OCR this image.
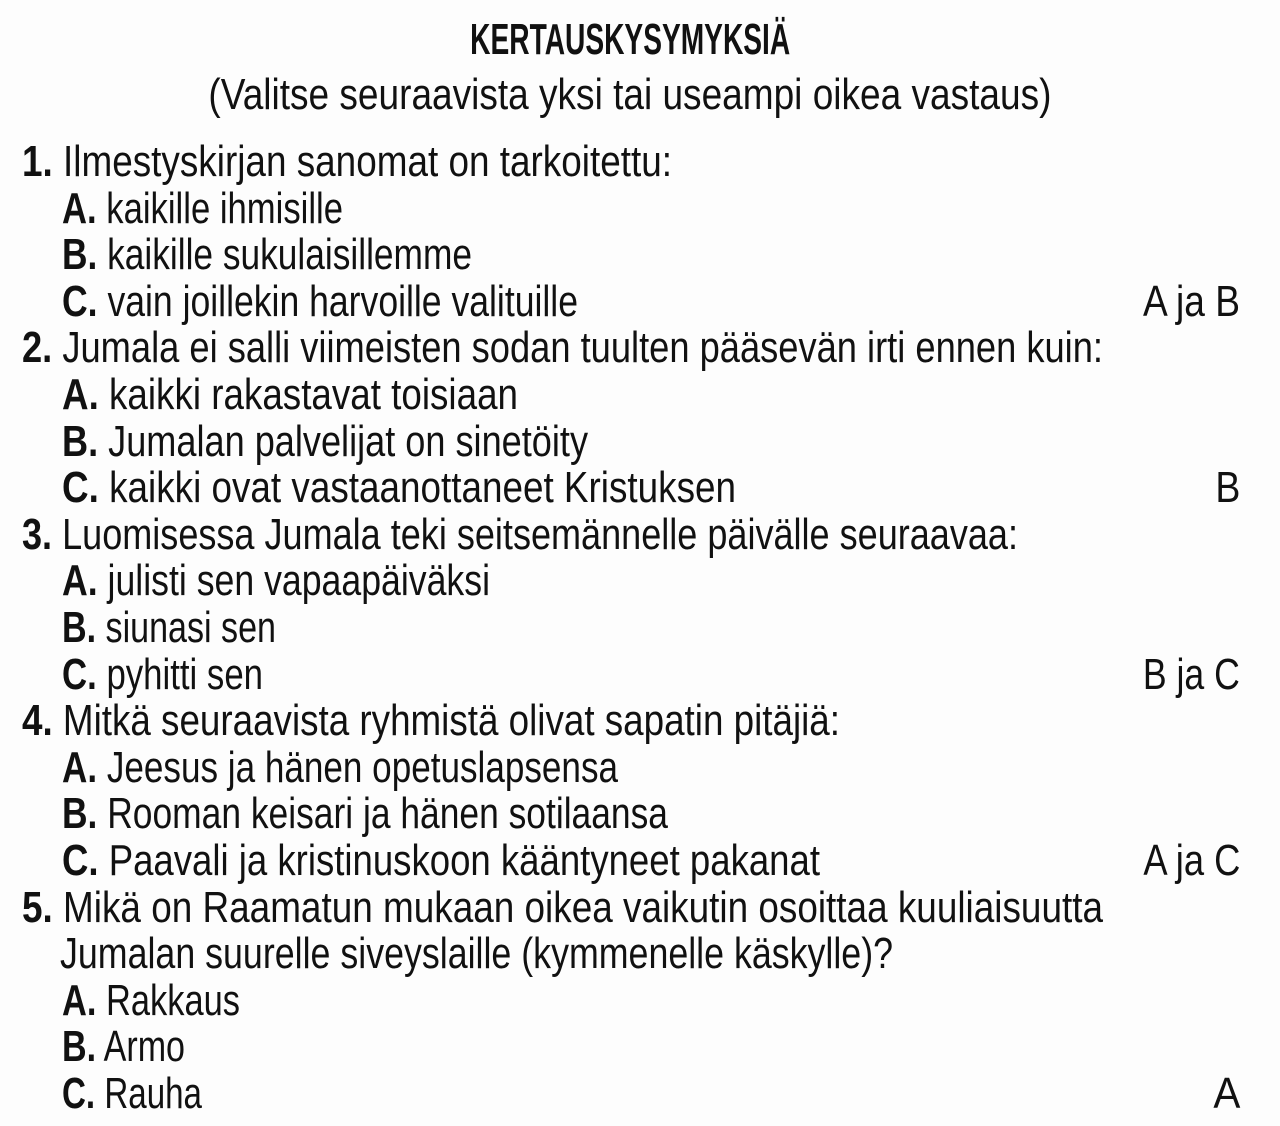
KERTAUSKYSYMYKSIÄ
(Valitse seuraavista yksi tai useampi oikea vastaus)
1. Ilmestyskirjan sanomat on tarkoitettu:
A. kaikille ihmisille
B. kaikille sukulaisillemme
C. vain joillekin harvoille valituille	A ja B
2. Jumala ei salli viimeisten sodan tuulten pääsevän irti ennen kuin:
A. kaikki rakastavat toisiaan
B. Jumalan palvelijat on sinetöity
C. kaikki ovat vastaanottaneet Kristuksen	B
3. Luomisessa Jumala teki seitsemännelle päivälle seuraavaa:
A. julisti sen vapaapäiväksi
B. siunasi sen
C. pyhitti sen	B ja C
4. Mitkä seuraavista ryhmistä olivat sapatin pitäjiä:
A. Jeesus ja hänen opetuslapsensa
B. Rooman keisari ja hänen sotilaansa
C. Paavali ja kristinuskoon kääntyneet pakanat	A ja C
5. Mikä on Raamatun mukaan oikea vaikutin osoittaa kuuliaisuutta
Jumalan suurelle siveyslaille (kymmenelle käskylle)?
A. Rakkaus
B. Armo
C. Rauha	A
